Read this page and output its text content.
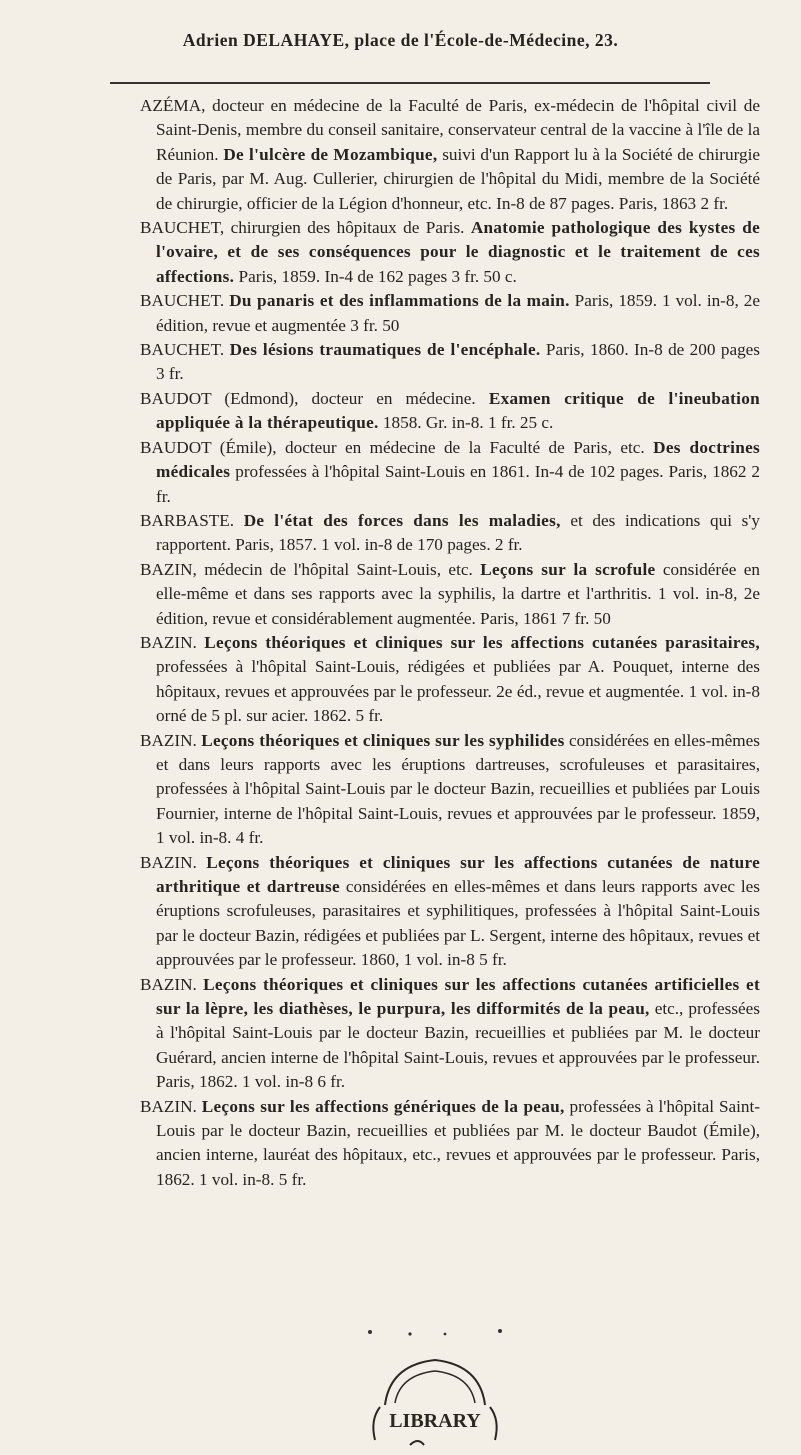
Adrien DELAHAYE, place de l'École-de-Médecine, 23.

AZÉMA, docteur en médecine de la Faculté de Paris, ex-médecin de l'hôpital civil de Saint-Denis, membre du conseil sanitaire, conservateur central de la vaccine à l'île de la Réunion. De l'ulcère de Mozambique, suivi d'un Rapport lu à la Société de chirurgie de Paris, par M. Aug. Cullerier, chirurgien de l'hôpital du Midi, membre de la Société de chirurgie, officier de la Légion d'honneur, etc. In-8 de 87 pages. Paris, 1863 2 fr.

BAUCHET, chirurgien des hôpitaux de Paris. Anatomie pathologique des kystes de l'ovaire, et de ses conséquences pour le diagnostic et le traitement de ces affections. Paris, 1859. In-4 de 162 pages 3 fr. 50 c.

BAUCHET. Du panaris et des inflammations de la main. Paris, 1859. 1 vol. in-8, 2e édition, revue et augmentée 3 fr. 50

BAUCHET. Des lésions traumatiques de l'encéphale. Paris, 1860. In-8 de 200 pages 3 fr.

BAUDOT (Edmond), docteur en médecine. Examen critique de l'ineubation appliquée à la thérapeutique. 1858. Gr. in-8. 1 fr. 25 c.

BAUDOT (Émile), docteur en médecine de la Faculté de Paris, etc. Des doctrines médicales professées à l'hôpital Saint-Louis en 1861. In-4 de 102 pages. Paris, 1862 2 fr.

BARBASTE. De l'état des forces dans les maladies, et des indications qui s'y rapportent. Paris, 1857. 1 vol. in-8 de 170 pages. 2 fr.

BAZIN, médecin de l'hôpital Saint-Louis, etc. Leçons sur la scrofule considérée en elle-même et dans ses rapports avec la syphilis, la dartre et l'arthritis. 1 vol. in-8, 2e édition, revue et considérablement augmentée. Paris, 1861 7 fr. 50

BAZIN. Leçons théoriques et cliniques sur les affections cutanées parasitaires, professées à l'hôpital Saint-Louis, rédigées et publiées par A. Pouquet, interne des hôpitaux, revues et approuvées par le professeur. 2e éd., revue et augmentée. 1 vol. in-8 orné de 5 pl. sur acier. 1862. 5 fr.

BAZIN. Leçons théoriques et cliniques sur les syphilides considérées en elles-mêmes et dans leurs rapports avec les éruptions dartreuses, scrofuleuses et parasitaires, professées à l'hôpital Saint-Louis par le docteur Bazin, recueillies et publiées par Louis Fournier, interne de l'hôpital Saint-Louis, revues et approuvées par le professeur. 1859, 1 vol. in-8. 4 fr.

BAZIN. Leçons théoriques et cliniques sur les affections cutanées de nature arthritique et dartreuse considérées en elles-mêmes et dans leurs rapports avec les éruptions scrofuleuses, parasitaires et syphilitiques, professées à l'hôpital Saint-Louis par le docteur Bazin, rédigées et publiées par L. Sergent, interne des hôpitaux, revues et approuvées par le professeur. 1860, 1 vol. in-8 5 fr.

BAZIN. Leçons théoriques et cliniques sur les affections cutanées artificielles et sur la lèpre, les diathèses, le purpura, les difformités de la peau, etc., professées à l'hôpital Saint-Louis par le docteur Bazin, recueillies et publiées par M. le docteur Guérard, ancien interne de l'hôpital Saint-Louis, revues et approuvées par le professeur. Paris, 1862. 1 vol. in-8 6 fr.

BAZIN. Leçons sur les affections génériques de la peau, professées à l'hôpital Saint-Louis par le docteur Bazin, recueillies et publiées par M. le docteur Baudot (Émile), ancien interne, lauréat des hôpitaux, etc., revues et approuvées par le professeur. Paris, 1862. 1 vol. in-8. 5 fr.

LIBRARY
